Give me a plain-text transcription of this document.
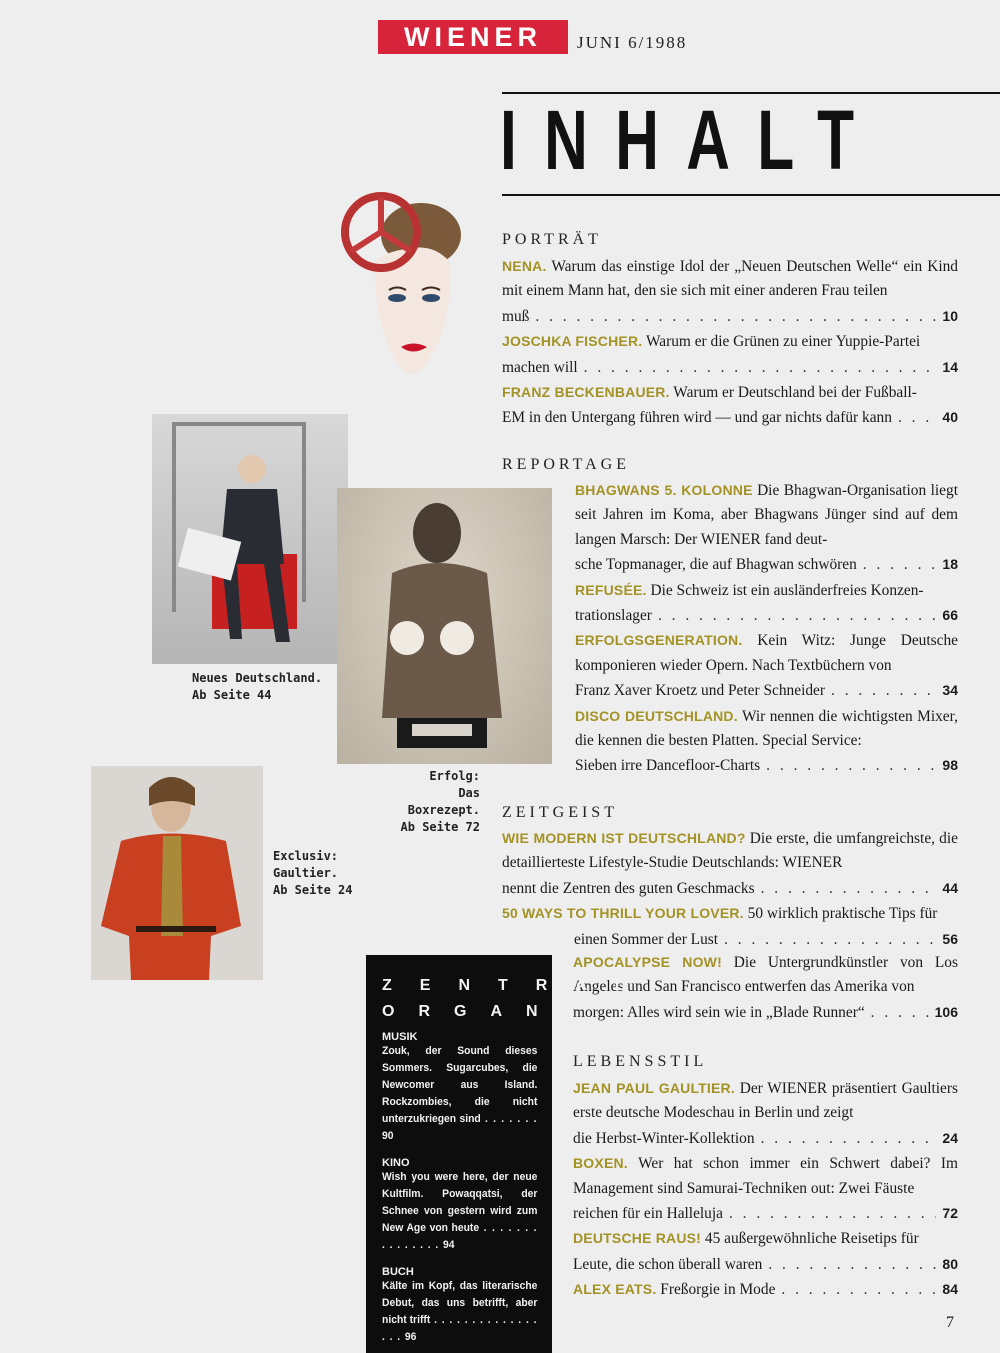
WIENER	JUNI 6/1988
INHALT
Neues Deutschland.
Ab Seite 44
Erfolg:
Das Boxrezept.
Ab Seite 72
Exclusiv:
Gaultier.
Ab Seite 24
PORTRÄT
NENA. Warum das einstige Idol der „Neuen Deutschen Welle“ ein Kind mit einem Mann hat, den sie sich mit einer anderen Frau teilen
muß . . .	10
JOSCHKA FISCHER. Warum er die Grünen zu einer Yuppie-Partei
machen will . . .	14
FRANZ BECKENBAUER. Warum er Deutschland bei der Fußball-
EM in den Untergang führen wird — und gar nichts dafür kann . . .	40
REPORTAGE
BHAGWANS 5. KOLONNE Die Bhagwan-Organisation liegt seit Jahren im Koma, aber Bhagwans Jünger sind auf dem langen Marsch: Der WIENER fand deut-
sche Topmanager, die auf Bhagwan schwören . . .	18
REFUSÉE. Die Schweiz ist ein ausländerfreies Konzen-
trationslager . . .	66
ERFOLGSGENERATION. Kein Witz: Junge Deutsche komponieren wieder Opern. Nach Textbüchern von
Franz Xaver Kroetz und Peter Schneider . . .	34
DISCO DEUTSCHLAND. Wir nennen die wichtigsten Mixer, die kennen die besten Platten. Special Service:
Sieben irre Dancefloor-Charts . . .	98
ZEITGEIST
WIE MODERN IST DEUTSCHLAND? Die erste, die umfangreichste, die detaillierteste Lifestyle-Studie Deutschlands: WIENER
nennt die Zentren des guten Geschmacks . . .	44
50 WAYS TO THRILL YOUR LOVER. 50 wirklich praktische Tips für
einen Sommer der Lust . . .	56
APOCALYPSE NOW! Die Untergrundkünstler von Los Angeles und San Francisco entwerfen das Amerika von
morgen: Alles wird sein wie in „Blade Runner“ . . .	106
LEBENSSTIL
JEAN PAUL GAULTIER. Der WIENER präsentiert Gaultiers erste deutsche Modeschau in Berlin und zeigt
die Herbst-Winter-Kollektion . . .	24
BOXEN. Wer hat schon immer ein Schwert dabei? Im Management sind Samurai-Techniken out: Zwei Fäuste
reichen für ein Halleluja . . .	72
DEUTSCHE RAUS! 45 außergewöhnliche Reisetips für
Leute, die schon überall waren . . .	80
ALEX EATS. Freßorgie in Mode . . .	84
ZENTRAL
ORGAN
MUSIK
Zouk, der Sound dieses Sommers. Sugarcubes, die Newcomer aus Island. Rockzombies, die nicht unterzukriegen sind . . . . . . . 90
KINO
Wish you were here, der neue Kultfilm. Powaqqatsi, der Schnee von gestern wird zum New Age von heute . . . . . . . . . . . . . . . 94
BUCH
Kälte im Kopf, das literarische Debut, das uns betrifft, aber nicht trifft . . . . . . . . . . . . . . . . . 96
7
